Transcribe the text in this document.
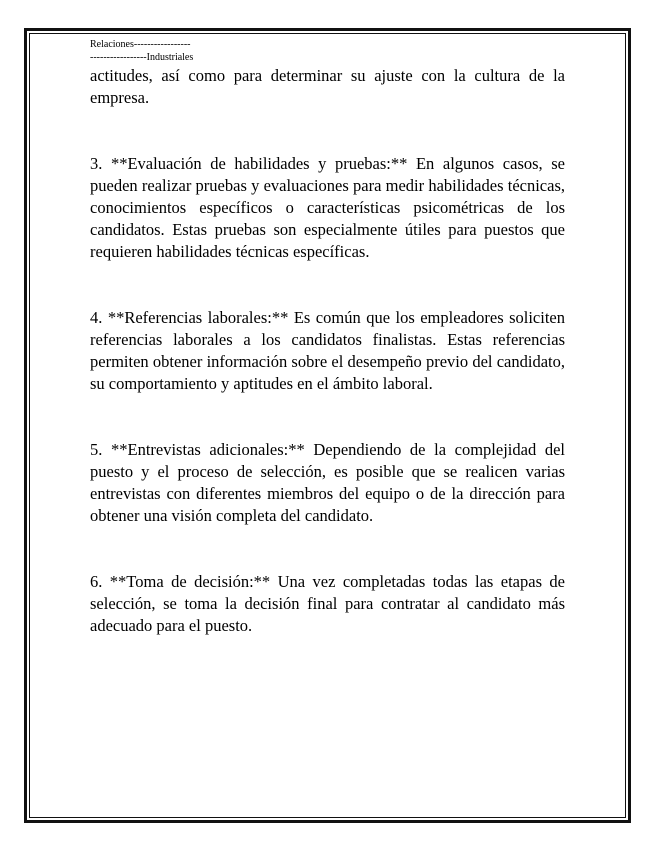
Relaciones-----------------
-----------------Industriales

actitudes, así como para determinar su ajuste con la cultura de la empresa.

3. **Evaluación de habilidades y pruebas:** En algunos casos, se pueden realizar pruebas y evaluaciones para medir habilidades técnicas, conocimientos específicos o características psicométricas de los candidatos. Estas pruebas son especialmente útiles para puestos que requieren habilidades técnicas específicas.

4. **Referencias laborales:** Es común que los empleadores soliciten referencias laborales a los candidatos finalistas. Estas referencias permiten obtener información sobre el desempeño previo del candidato, su comportamiento y aptitudes en el ámbito laboral.

5. **Entrevistas adicionales:** Dependiendo de la complejidad del puesto y el proceso de selección, es posible que se realicen varias entrevistas con diferentes miembros del equipo o de la dirección para obtener una visión completa del candidato.

6. **Toma de decisión:** Una vez completadas todas las etapas de selección, se toma la decisión final para contratar al candidato más adecuado para el puesto.
